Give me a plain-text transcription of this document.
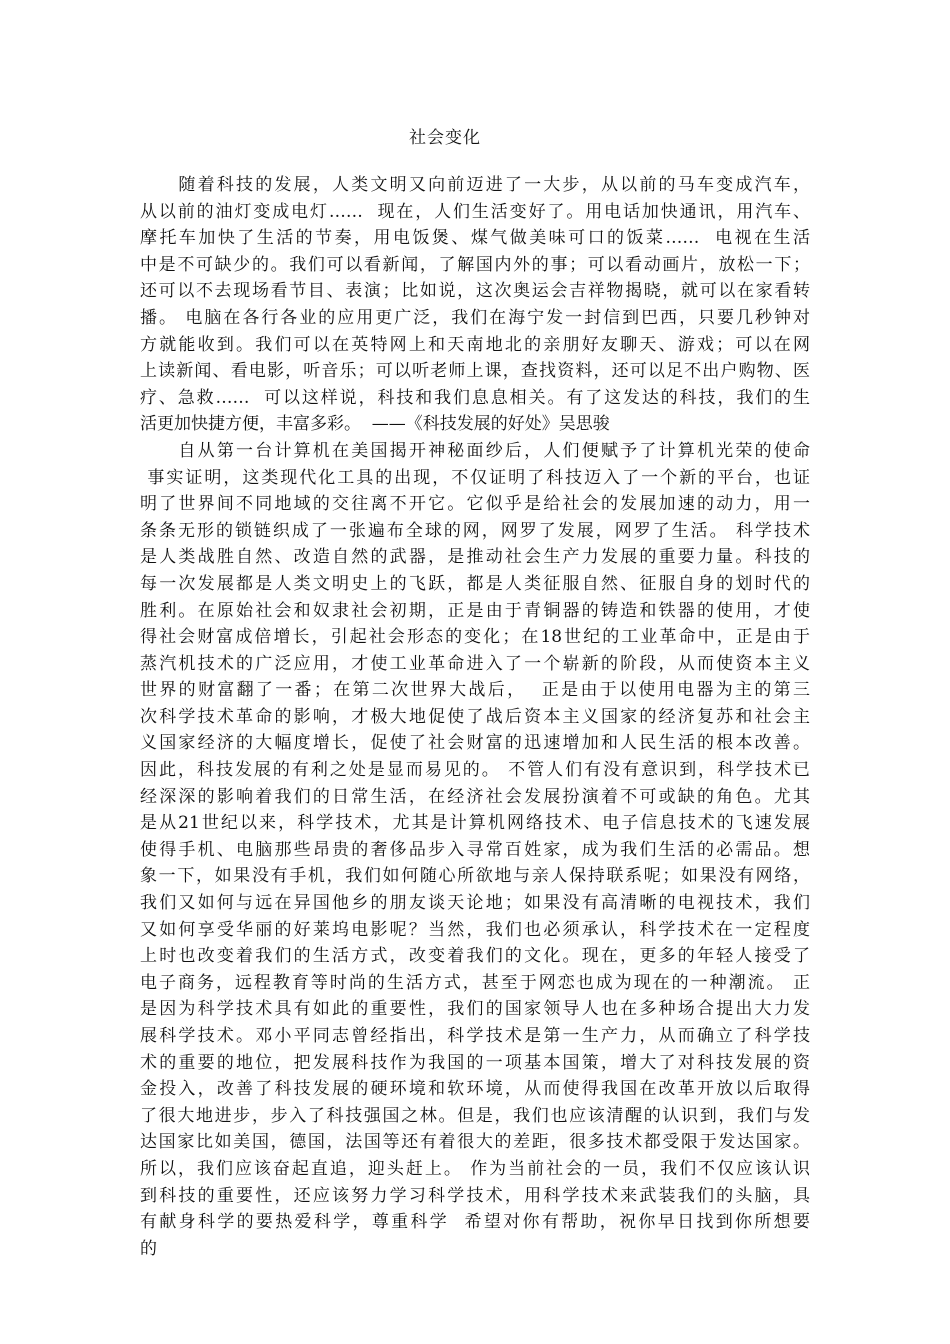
社会变化
　　随着科技的发展，人类文明又向前迈进了一大步，从以前的马车变成汽车，
从以前的油灯变成电灯……  现在，人们生活变好了。用电话加快通讯，用汽车、
摩托车加快了生活的节奏，用电饭煲、煤气做美味可口的饭菜……  电视在生活
中是不可缺少的。我们可以看新闻，了解国内外的事；可以看动画片，放松一下；
还可以不去现场看节目、表演；比如说，这次奥运会吉祥物揭晓，就可以在家看转
播。 电脑在各行各业的应用更广泛，我们在海宁发一封信到巴西，只要几秒钟对
方就能收到。我们可以在英特网上和天南地北的亲朋好友聊天、游戏；可以在网
上读新闻、看电影，听音乐；可以听老师上课，查找资料，还可以足不出户购物、医
疗、急救……  可以这样说，科技和我们息息相关。有了这发达的科技，我们的生
活更加快捷方便，丰富多彩。  ——《科技发展的好处》吴思骏
　　自从第一台计算机在美国揭开神秘面纱后，人们便赋予了计算机光荣的使命
事实证明，这类现代化工具的出现，不仅证明了科技迈入了一个新的平台，也证
明了世界间不同地域的交往离不开它。它似乎是给社会的发展加速的动力，用一
条条无形的锁链织成了一张遍布全球的网，网罗了发展，网罗了生活。 科学技术
是人类战胜自然、改造自然的武器，是推动社会生产力发展的重要力量。科技的
每一次发展都是人类文明史上的飞跃，都是人类征服自然、征服自身的划时代的
胜利。在原始社会和奴隶社会初期，正是由于青铜器的铸造和铁器的使用，才使
得社会财富成倍增长，引起社会形态的变化；在18世纪的工业革命中，正是由于
蒸汽机技术的广泛应用，才使工业革命进入了一个崭新的阶段，从而使资本主义
世界的财富翻了一番；在第二次世界大战后，  正是由于以使用电器为主的第三
次科学技术革命的影响，才极大地促使了战后资本主义国家的经济复苏和社会主
义国家经济的大幅度增长，促使了社会财富的迅速增加和人民生活的根本改善。
因此，科技发展的有利之处是显而易见的。 不管人们有没有意识到，科学技术已
经深深的影响着我们的日常生活，在经济社会发展扮演着不可或缺的角色。尤其
是从21世纪以来，科学技术，尤其是计算机网络技术、电子信息技术的飞速发展
使得手机、电脑那些昂贵的奢侈品步入寻常百姓家，成为我们生活的必需品。想
象一下，如果没有手机，我们如何随心所欲地与亲人保持联系呢；如果没有网络，
我们又如何与远在异国他乡的朋友谈天论地；如果没有高清晰的电视技术，我们
又如何享受华丽的好莱坞电影呢？当然，我们也必须承认，科学技术在一定程度
上时也改变着我们的生活方式，改变着我们的文化。现在，更多的年轻人接受了
电子商务，远程教育等时尚的生活方式，甚至于网恋也成为现在的一种潮流。 正
是因为科学技术具有如此的重要性，我们的国家领导人也在多种场合提出大力发
展科学技术。邓小平同志曾经指出，科学技术是第一生产力，从而确立了科学技
术的重要的地位，把发展科技作为我国的一项基本国策，增大了对科技发展的资
金投入，改善了科技发展的硬环境和软环境，从而使得我国在改革开放以后取得
了很大地进步，步入了科技强国之林。但是，我们也应该清醒的认识到，我们与发
达国家比如美国，德国，法国等还有着很大的差距，很多技术都受限于发达国家。
所以，我们应该奋起直追，迎头赶上。 作为当前社会的一员，我们不仅应该认识
到科技的重要性，还应该努力学习科学技术，用科学技术来武装我们的头脑，具
有献身科学的要热爱科学，尊重科学  希望对你有帮助，祝你早日找到你所想要
的
